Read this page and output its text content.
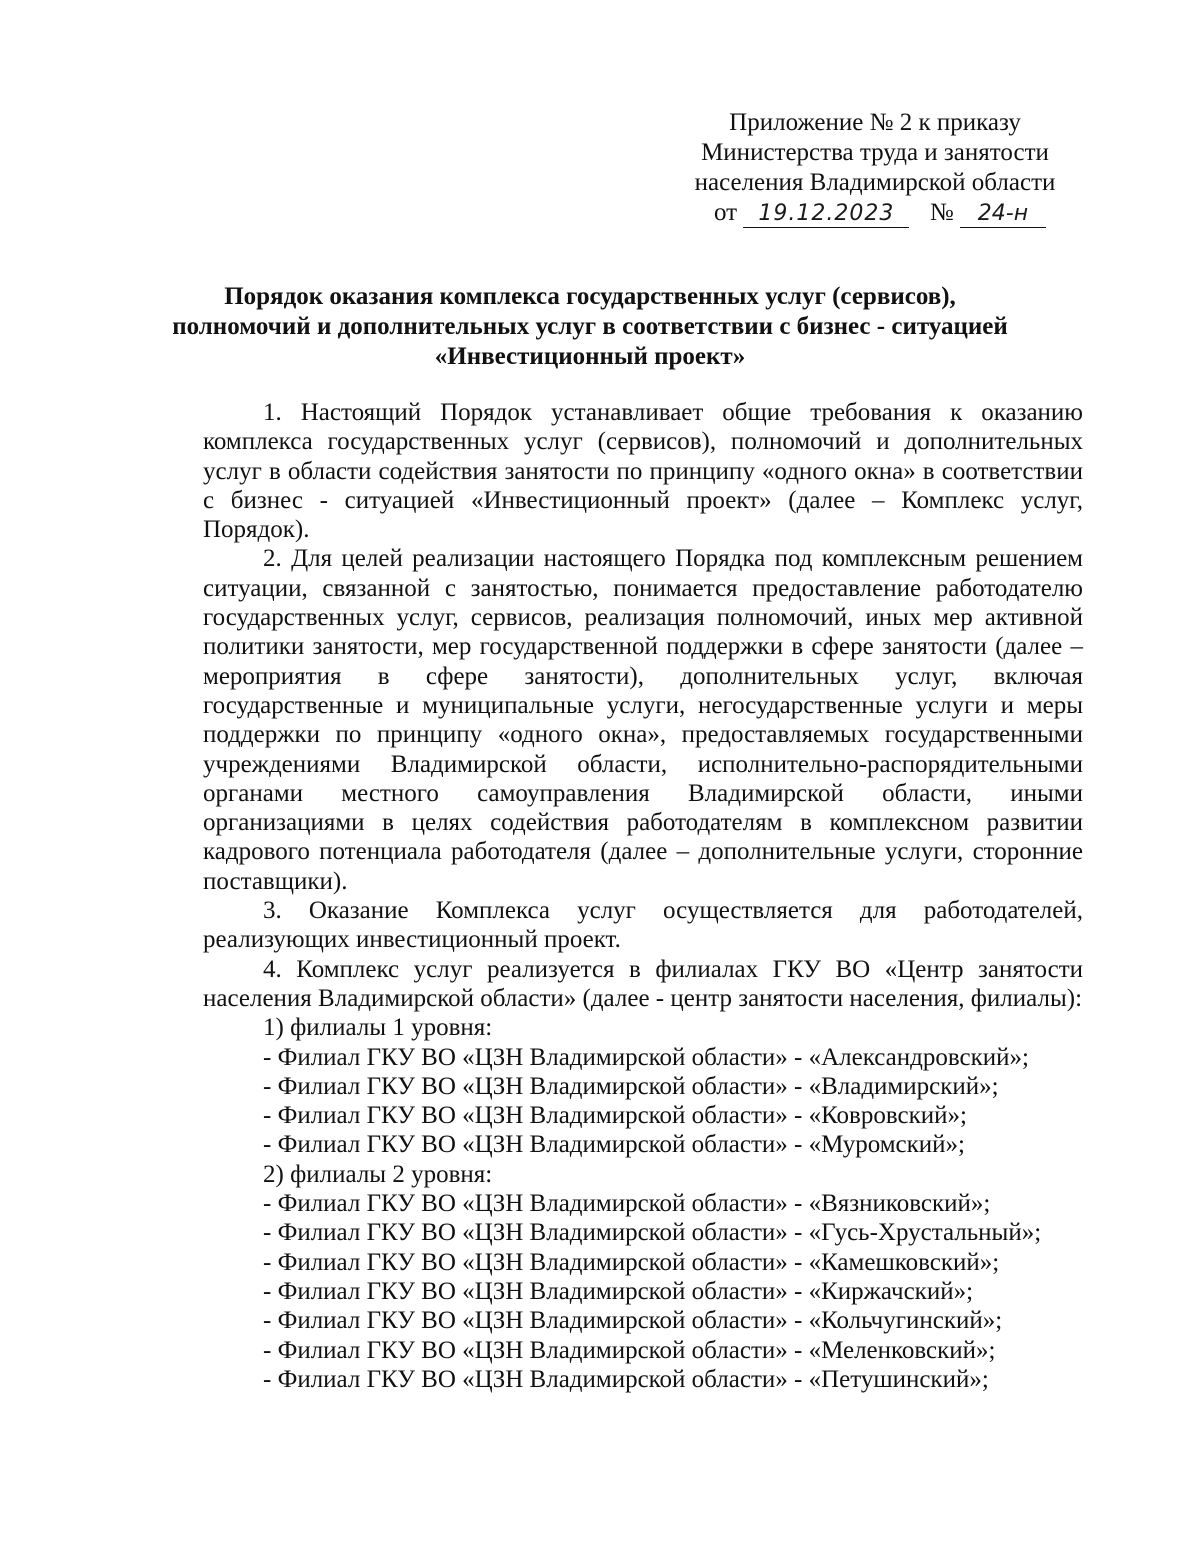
Приложение № 2 к приказу
Министерства труда и занятости
населения Владимирской области
от 19.12.2023 № 24-н
Порядок оказания комплекса государственных услуг (сервисов),
полномочий и дополнительных услуг в соответствии с бизнес - ситуацией
«Инвестиционный проект»

1. Настоящий Порядок устанавливает общие требования к оказанию комплекса государственных услуг (сервисов), полномочий и дополнительных услуг в области содействия занятости по принципу «одного окна» в соответствии с бизнес - ситуацией «Инвестиционный проект» (далее – Комплекс услуг, Порядок).

2. Для целей реализации настоящего Порядка под комплексным решением ситуации, связанной с занятостью, понимается предоставление работодателю государственных услуг, сервисов, реализация полномочий, иных мер активной политики занятости, мер государственной поддержки в сфере занятости (далее – мероприятия в сфере занятости), дополнительных услуг, включая государственные и муниципальные услуги, негосударственные услуги и меры поддержки по принципу «одного окна», предоставляемых государственными учреждениями Владимирской области, исполнительно-распорядительными органами местного самоуправления Владимирской области, иными организациями в целях содействия работодателям в комплексном развитии кадрового потенциала работодателя (далее – дополнительные услуги, сторонние поставщики).

3. Оказание Комплекса услуг осуществляется для работодателей, реализующих инвестиционный проект.

4. Комплекс услуг реализуется в филиалах ГКУ ВО «Центр занятости населения Владимирской области» (далее - центр занятости населения, филиалы):

1) филиалы 1 уровня:

- Филиал ГКУ ВО «ЦЗН Владимирской области» - «Александровский»;

- Филиал ГКУ ВО «ЦЗН Владимирской области» - «Владимирский»;

- Филиал ГКУ ВО «ЦЗН Владимирской области» - «Ковровский»;

- Филиал ГКУ ВО «ЦЗН Владимирской области» - «Муромский»;

2) филиалы 2 уровня:

- Филиал ГКУ ВО «ЦЗН Владимирской области» - «Вязниковский»;

- Филиал ГКУ ВО «ЦЗН Владимирской области» - «Гусь-Хрустальный»;

- Филиал ГКУ ВО «ЦЗН Владимирской области» - «Камешковский»;

- Филиал ГКУ ВО «ЦЗН Владимирской области» - «Киржачский»;

- Филиал ГКУ ВО «ЦЗН Владимирской области» - «Кольчугинский»;

- Филиал ГКУ ВО «ЦЗН Владимирской области» - «Меленковский»;

- Филиал ГКУ ВО «ЦЗН Владимирской области» - «Петушинский»;
